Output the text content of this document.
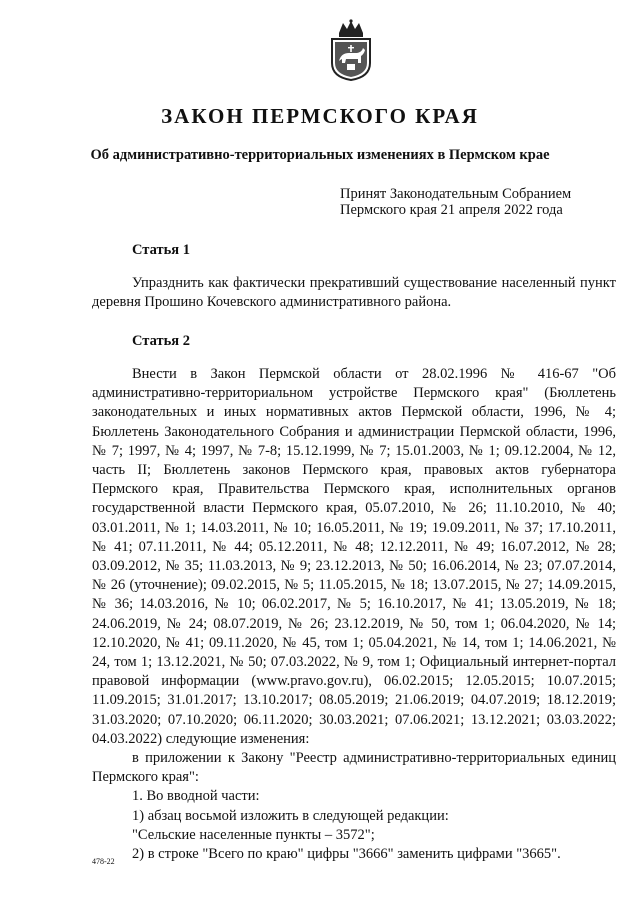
ЗАКОН ПЕРМСКОГО КРАЯ
Об административно-территориальных изменениях в Пермском крае
Принят Законодательным Собранием
Пермского края 21 апреля 2022 года
Статья 1

Упразднить как фактически прекративший существование населенный пункт деревня Прошино Кочевского административного района.

Статья 2

Внести в Закон Пермской области от 28.02.1996 № 416-67 "Об административно-территориальном устройстве Пермского края" (Бюллетень законодательных и иных нормативных актов Пермской области, 1996, № 4; Бюллетень Законодательного Собрания и администрации Пермской области, 1996, № 7; 1997, № 4; 1997, № 7-8; 15.12.1999, № 7; 15.01.2003, № 1; 09.12.2004, № 12, часть II; Бюллетень законов Пермского края, правовых актов губернатора Пермского края, Правительства Пермского края, исполнительных органов государственной власти Пермского края, 05.07.2010, № 26; 11.10.2010, № 40; 03.01.2011, № 1; 14.03.2011, № 10; 16.05.2011, № 19; 19.09.2011, № 37; 17.10.2011, № 41; 07.11.2011, № 44; 05.12.2011, № 48; 12.12.2011, № 49; 16.07.2012, № 28; 03.09.2012, № 35; 11.03.2013, № 9; 23.12.2013, № 50; 16.06.2014, № 23; 07.07.2014, № 26 (уточнение); 09.02.2015, № 5; 11.05.2015, № 18; 13.07.2015, № 27; 14.09.2015, № 36; 14.03.2016, № 10; 06.02.2017, № 5; 16.10.2017, № 41; 13.05.2019, № 18; 24.06.2019, № 24; 08.07.2019, № 26; 23.12.2019, № 50, том 1; 06.04.2020, № 14; 12.10.2020, № 41; 09.11.2020, № 45, том 1; 05.04.2021, № 14, том 1; 14.06.2021, № 24, том 1; 13.12.2021, № 50; 07.03.2022, № 9, том 1; Официальный интернет-портал правовой информации (www.pravo.gov.ru), 06.02.2015; 12.05.2015; 10.07.2015; 11.09.2015; 31.01.2017; 13.10.2017; 08.05.2019; 21.06.2019; 04.07.2019; 18.12.2019; 31.03.2020; 07.10.2020; 06.11.2020; 30.03.2021; 07.06.2021; 13.12.2021; 03.03.2022; 04.03.2022) следующие изменения:

в приложении к Закону "Реестр административно-территориальных единиц Пермского края":

1. Во вводной части:

1) абзац восьмой изложить в следующей редакции:

"Сельские населенные пункты – 3572";

2) в строке "Всего по краю" цифры "3666" заменить цифрами "3665".

478-22
